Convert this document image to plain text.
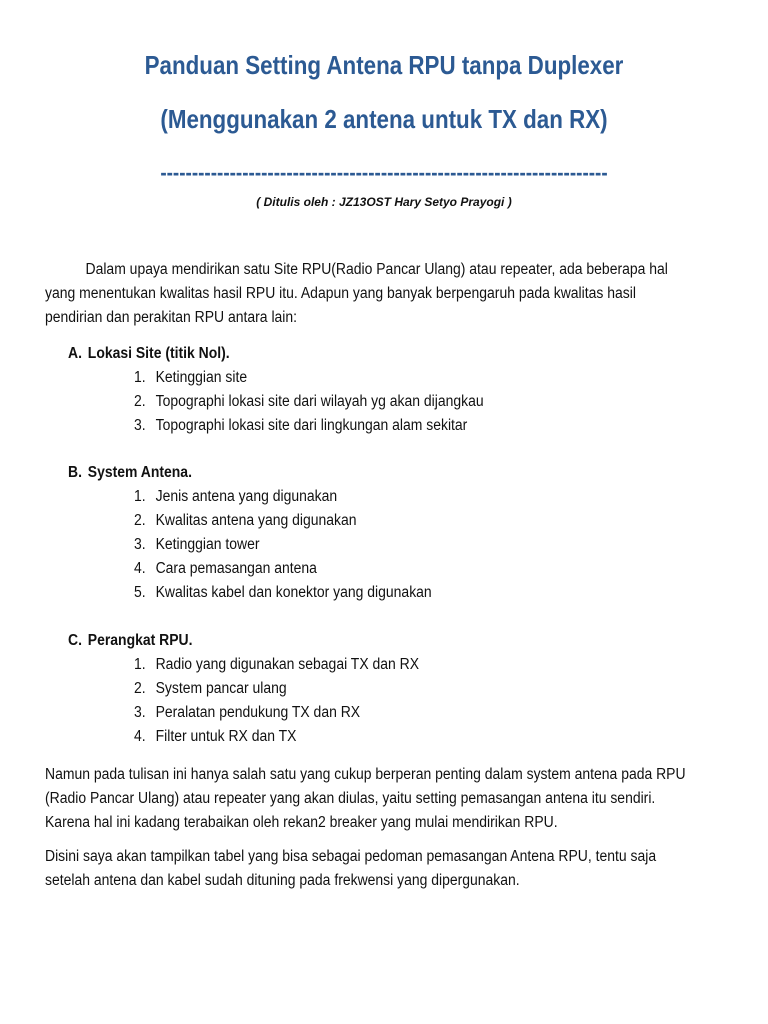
Panduan Setting Antena RPU tanpa Duplexer
(Menggunakan 2 antena untuk TX dan RX)
-----------------------------------------------------------------------
( Ditulis oleh : JZ13OST Hary Setyo Prayogi )
Dalam upaya mendirikan satu Site RPU(Radio Pancar Ulang) atau repeater, ada beberapa hal
yang menentukan kwalitas hasil RPU itu. Adapun yang banyak berpengaruh pada kwalitas hasil
pendirian dan perakitan RPU antara lain:
A. Lokasi Site (titik Nol).
1. Ketinggian site
2. Topographi lokasi site dari wilayah yg akan dijangkau
3. Topographi lokasi site dari lingkungan alam sekitar
B. System Antena.
1. Jenis antena yang digunakan
2. Kwalitas antena yang digunakan
3. Ketinggian tower
4. Cara pemasangan antena
5. Kwalitas kabel dan konektor yang digunakan
C. Perangkat RPU.
1. Radio yang digunakan sebagai TX dan RX
2. System pancar ulang
3. Peralatan pendukung TX dan RX
4. Filter untuk RX dan TX
Namun pada tulisan ini hanya salah satu yang cukup berperan penting dalam system antena pada RPU
(Radio Pancar Ulang) atau repeater yang akan diulas, yaitu setting pemasangan antena itu sendiri.
Karena hal ini kadang terabaikan oleh rekan2 breaker yang mulai mendirikan RPU.
Disini saya akan tampilkan tabel yang bisa sebagai pedoman pemasangan Antena RPU, tentu saja
setelah antena dan kabel sudah dituning pada frekwensi yang dipergunakan.
